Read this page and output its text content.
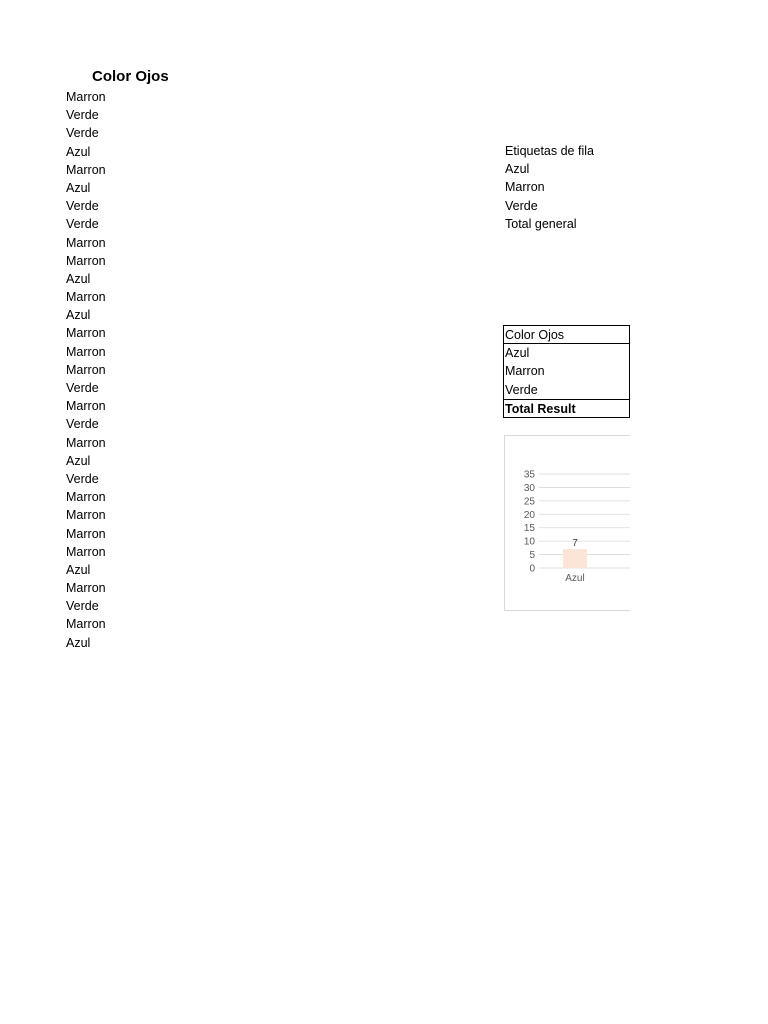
Color Ojos
Marron
Verde
Verde
Azul
Marron
Azul
Verde
Verde
Marron
Marron
Azul
Marron
Azul
Marron
Marron
Marron
Verde
Marron
Verde
Marron
Azul
Verde
Marron
Marron
Marron
Marron
Azul
Marron
Verde
Marron
Azul
Etiquetas de fila
Azul
Marron
Verde
Total general
Color Ojos
Azul
Marron
Verde
Total Result
0
5
10
15
20
25
30
35
7
Azul
